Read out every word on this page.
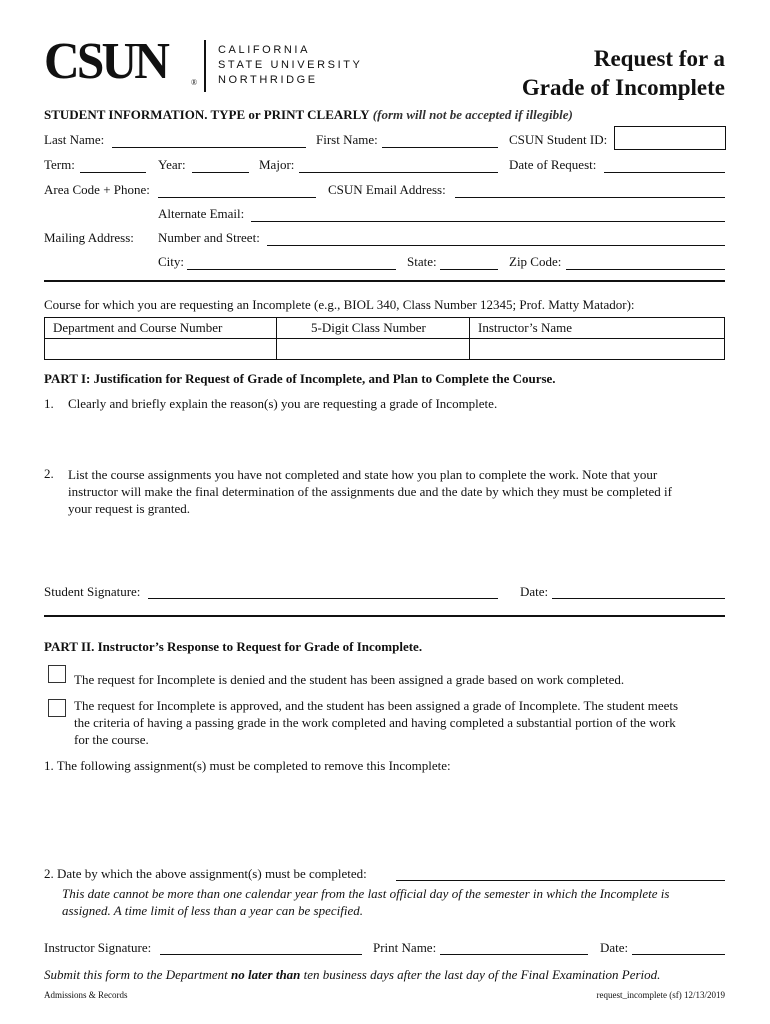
CSUN	®
CALIFORNIA
STATE UNIVERSITY
NORTHRIDGE
Request for a
Grade of Incomplete
STUDENT INFORMATION. TYPE or PRINT CLEARLY (form will not be accepted if illegible)
Last Name:	First Name:	CSUN Student ID:
Term:	Year:	Major:	Date of Request:
Area Code + Phone:	CSUN Email Address:
Alternate Email:
Mailing Address: Number and Street:
City:	State:	Zip Code:
Course for which you are requesting an Incomplete (e.g., BIOL 340, Class Number 12345; Prof. Matty Matador):
Department and Course Number	5-Digit Class Number	Instructor’s Name

PART I: Justification for Request of Grade of Incomplete, and Plan to Complete the Course.
1. Clearly and briefly explain the reason(s) you are requesting a grade of Incomplete.
2. List the course assignments you have not completed and state how you plan to complete the work. Note that your
instructor will make the final determination of the assignments due and the date by which they must be completed if
your request is granted.
Student Signature:	Date:
PART II. Instructor’s Response to Request for Grade of Incomplete.
The request for Incomplete is denied and the student has been assigned a grade based on work completed.
The request for Incomplete is approved, and the student has been assigned a grade of Incomplete. The student meets
the criteria of having a passing grade in the work completed and having completed a substantial portion of the work
for the course.
1. The following assignment(s) must be completed to remove this Incomplete:
2. Date by which the above assignment(s) must be completed:
This date cannot be more than one calendar year from the last official day of the semester in which the Incomplete is
assigned. A time limit of less than a year can be specified.
Instructor Signature:	Print Name:	Date:
Submit this form to the Department no later than ten business days after the last day of the Final Examination Period.
Admissions & Records	request_incomplete (sf) 12/13/2019
